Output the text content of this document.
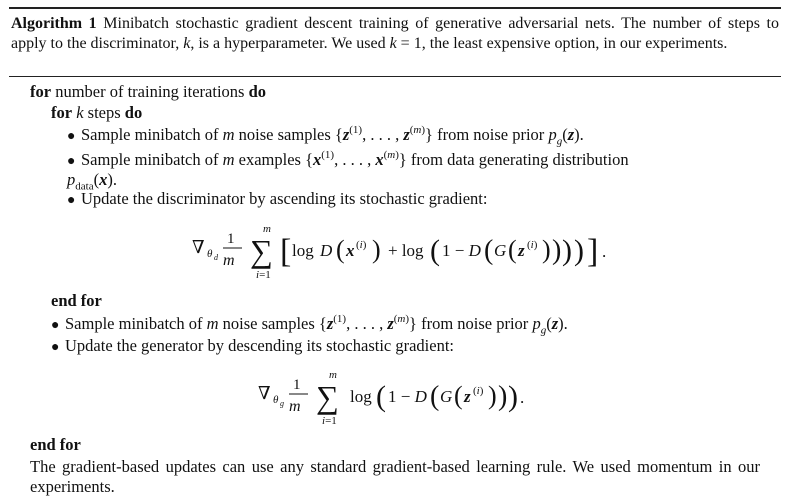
Algorithm 1 Minibatch stochastic gradient descent training of generative adversarial nets. The number of steps to apply to the discriminator, k, is a hyperparameter. We used k = 1, the least expensive option, in our experiments.
for number of training iterations do
for k steps do
● Sample minibatch of m noise samples {$z^{(1)}$, . . . , $z^{(m)}$} from noise prior $p_g(z)$.
● Sample minibatch of m examples {$x^{(1)}$, . . . , $x^{(m)}$} from data generating distribution
$p_{data}(x)$.
● Update the discriminator by ascending its stochastic gradient:
∇ θ d
1
m
m
∑
i=1
[ log D ( x (i) ) + log ( 1 − D ( G ( z (i) ) ) ) ) ] .
end for
● Sample minibatch of m noise samples {$z^{(1)}$, . . . , $z^{(m)}$} from noise prior $p_g(z)$.
● Update the generator by descending its stochastic gradient:
∇ θ g
1
m
m
∑
i=1
log ( 1 − D ( G ( z (i) ) ) ) .
end for
The gradient-based updates can use any standard gradient-based learning rule. We used momentum in our experiments.
